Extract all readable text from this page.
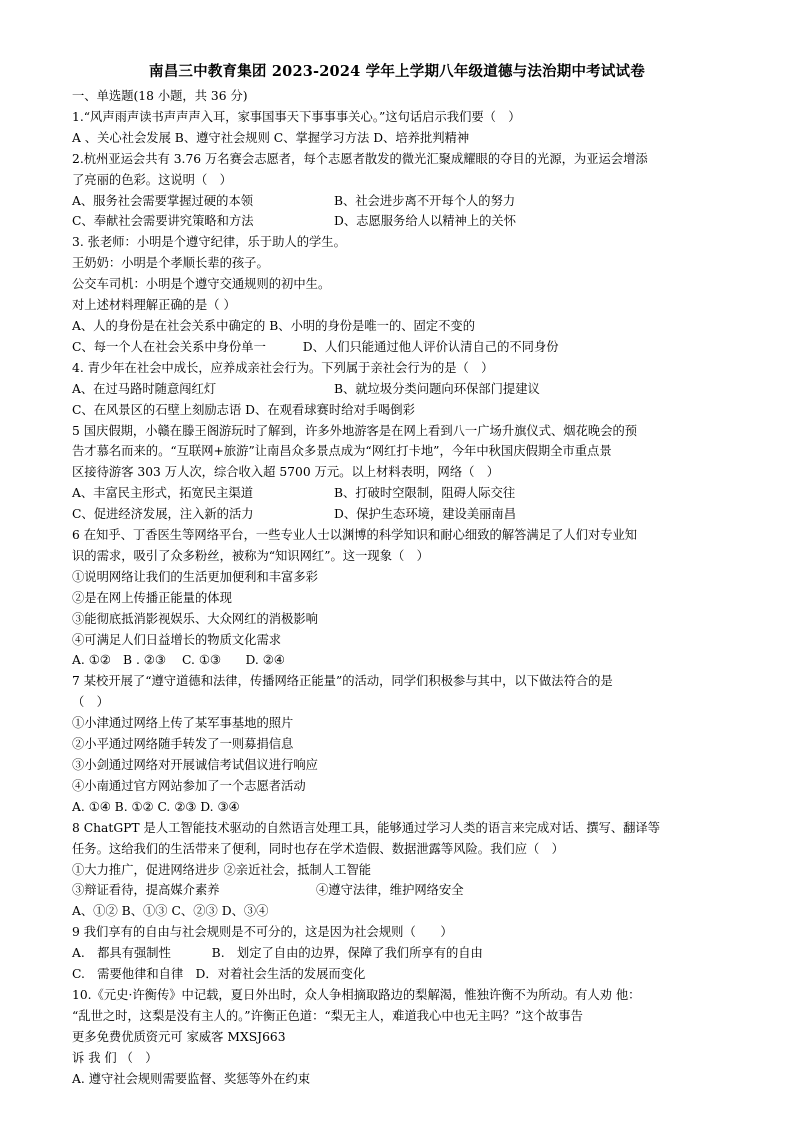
南昌三中教育集团 2023-2024 学年上学期八年级道德与法治期中考试试卷
一、单选题(18 小题，共 36 分)
1.“风声雨声读书声声声入耳，家事国事天下事事事关心。”这句话启示我们要（　）
A 、关心社会发展 B、遵守社会规则 C、掌握学习方法 D、培养批判精神
2.杭州亚运会共有 3.76 万名赛会志愿者，每个志愿者散发的微光汇聚成耀眼的夺目的光源，为亚运会增添
了亮丽的色彩。这说明（　）
A、服务社会需要掌握过硬的本领	B、社会进步离不开每个人的努力
C、奉献社会需要讲究策略和方法	D、志愿服务给人以精神上的关怀
3. 张老师：小明是个遵守纪律，乐于助人的学生。
王奶奶：小明是个孝顺长辈的孩子。
公交车司机：小明是个遵守交通规则的初中生。
对上述材料理解正确的是（ ）
A、人的身份是在社会关系中确定的 B、小明的身份是唯一的、固定不变的
C、每一个人在社会关系中身份单一　　　D、人们只能通过他人评价认清自己的不同身份
4. 青少年在社会中成长，应养成亲社会行为。下列属于亲社会行为的是（　）
A、在过马路时随意闯红灯	B、就垃圾分类问题向环保部门提建议
C、在风景区的石壁上刻励志语 D、在观看球赛时给对手喝倒彩
5 国庆假期，小赣在滕王阁游玩时了解到，许多外地游客是在网上看到八一广场升旗仪式、烟花晚会的预
告才慕名而来的。“互联网+旅游”让南昌众多景点成为“网红打卡地”，今年中秋国庆假期全市重点景
区接待游客 303 万人次，综合收入超 5700 万元。以上材料表明，网络（　）
A、丰富民主形式，拓宽民主渠道	B、打破时空限制，阻碍人际交往
C、促进经济发展，注入新的活力	D、保护生态环境，建设美丽南昌
6 在知乎、丁香医生等网络平台，一些专业人士以渊博的科学知识和耐心细致的解答满足了人们对专业知
识的需求，吸引了众多粉丝，被称为“知识网红”。这一现象（　）
①说明网络让我们的生活更加便利和丰富多彩
②是在网上传播正能量的体现
③能彻底抵消影视娱乐、大众网红的消极影响
④可满足人们日益增长的物质文化需求
A. ①②　B . ②③　 C. ①③　　D. ②④
7 某校开展了“遵守道德和法律，传播网络正能量”的活动，同学们积极参与其中，以下做法符合的是
（　）
①小津通过网络上传了某军事基地的照片
②小平通过网络随手转发了一则募捐信息
③小剑通过网络对开展诚信考试倡议进行响应
④小南通过官方网站参加了一个志愿者活动
A. ①④ B. ①② C. ②③ D. ③④
8 ChatGPT 是人工智能技术驱动的自然语言处理工具，能够通过学习人类的语言来完成对话、撰写、翻译等
任务。这给我们的生活带来了便利，同时也存在学术造假、数据泄露等风险。我们应（　）
①大力推广，促进网络进步 ②亲近社会，抵制人工智能
③辩证看待，提高媒介素养	④遵守法律，维护网络安全
A、①② B、①③ C、②③ D、③④
9 我们享有的自由与社会规则是不可分的，这是因为社会规则（　　）
A.　都具有强制性　　　 B.　划定了自由的边界，保障了我们所享有的自由
C.　需要他律和自律　D．对着社会生活的发展而变化
10.《元史·许衡传》中记载，夏日外出时，众人争相摘取路边的梨解渴，惟独许衡不为所动。有人劝 他：
“乱世之时，这梨是没有主人的。”许衡正色道：“梨无主人，难道我心中也无主吗？”这个故事告
更多免费优质资元可 家威客 MXSJ663
诉 我 们 （　）
A. 遵守社会规则需要监督、奖惩等外在约束
